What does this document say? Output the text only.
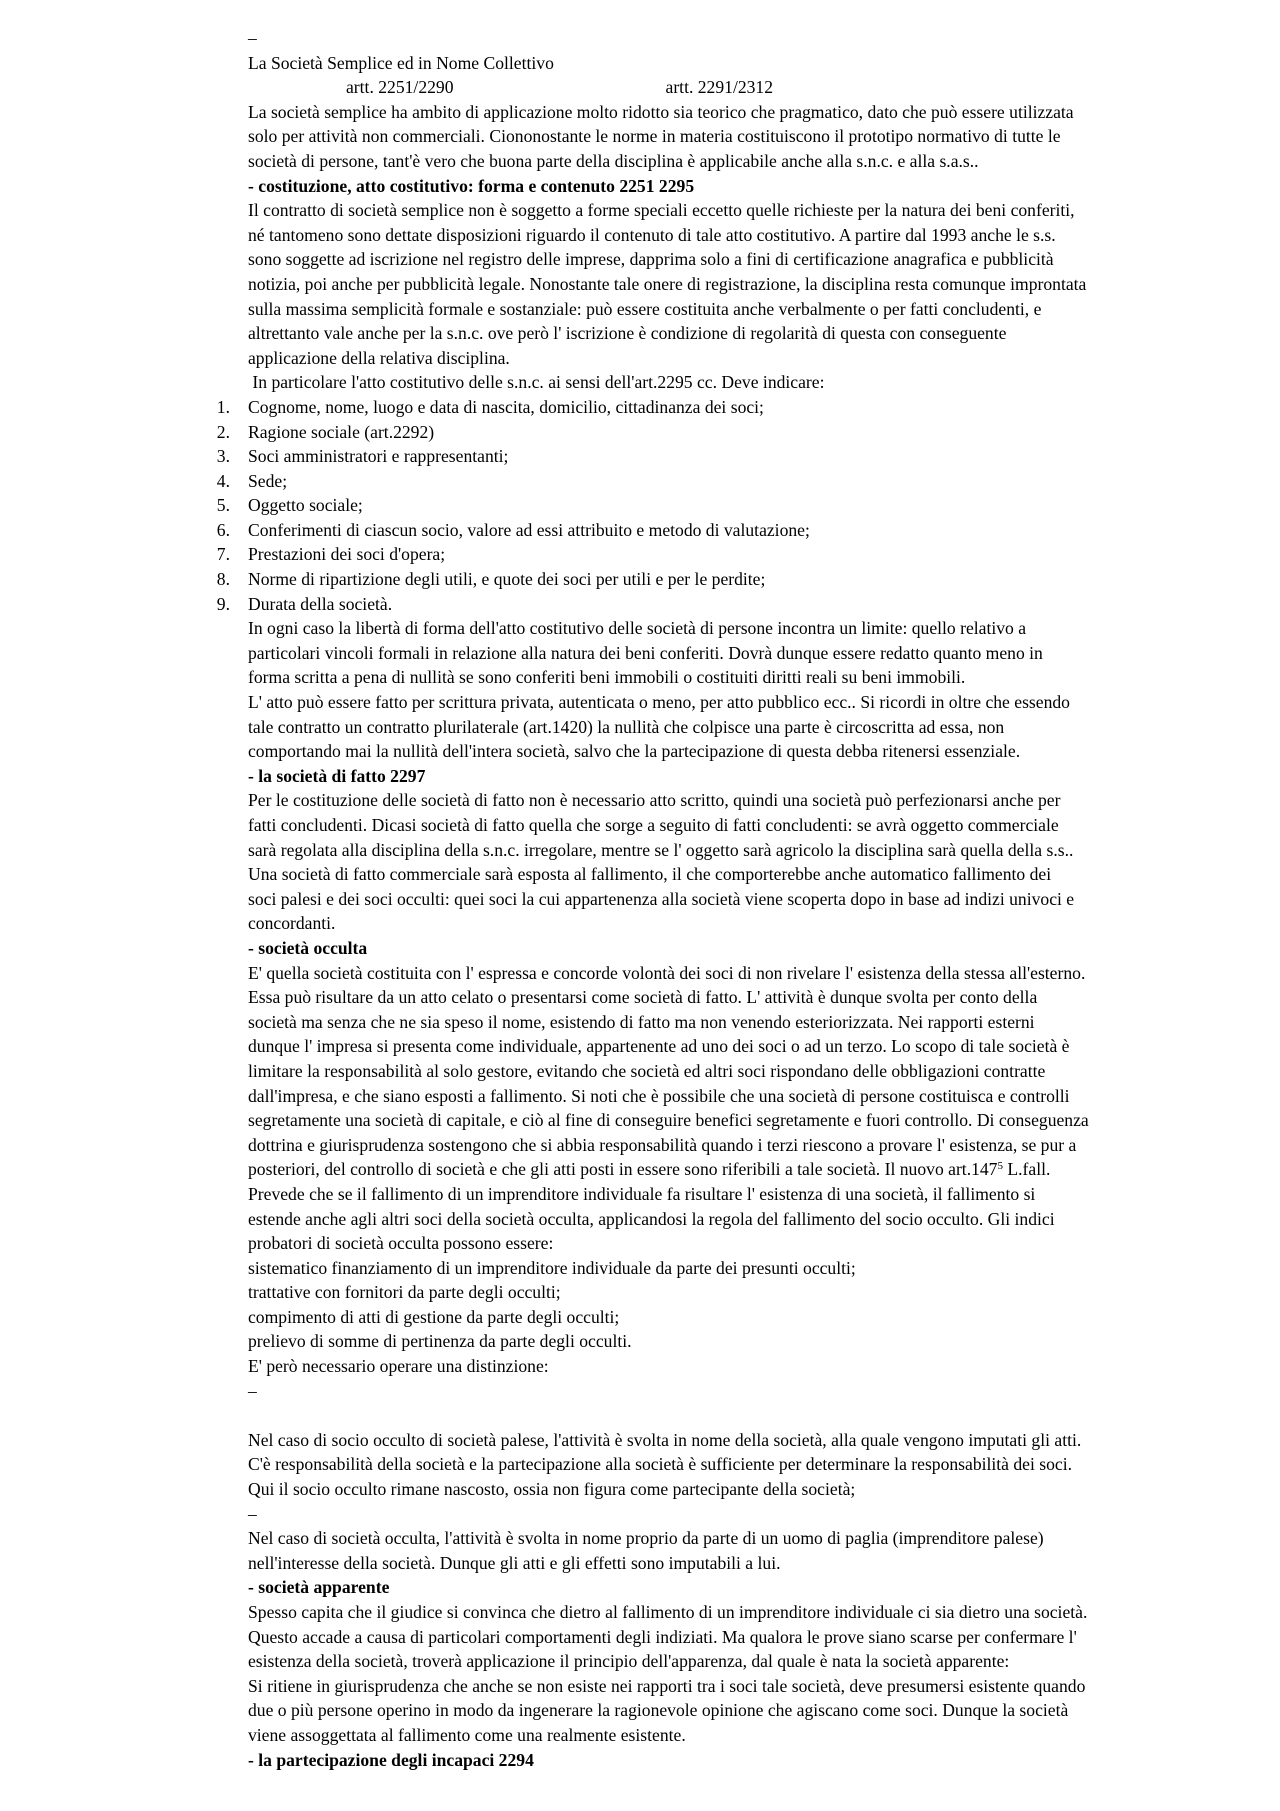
–
La Società Semplice ed in Nome Collettivo
artt. 2251/2290	artt. 2291/2312
La società semplice ha ambito di applicazione molto ridotto sia teorico che pragmatico, dato che può essere utilizzata
solo per attività non commerciali. Ciononostante le norme in materia costituiscono il prototipo normativo di tutte le
società di persone, tant'è vero che buona parte della disciplina è applicabile anche alla s.n.c. e alla s.a.s..
- costituzione, atto costitutivo: forma e contenuto 2251 2295
Il contratto di società semplice non è soggetto a forme speciali eccetto quelle richieste per la natura dei beni conferiti,
né tantomeno sono dettate disposizioni riguardo il contenuto di tale atto costitutivo. A partire dal 1993 anche le s.s.
sono soggette ad iscrizione nel registro delle imprese, dapprima solo a fini di certificazione anagrafica e pubblicità
notizia, poi anche per pubblicità legale. Nonostante tale onere di registrazione, la disciplina resta comunque improntata
sulla massima semplicità formale e sostanziale: può essere costituita anche verbalmente o per fatti concludenti, e
altrettanto vale anche per la s.n.c. ove però l' iscrizione è condizione di regolarità di questa con conseguente
applicazione della relativa disciplina.
In particolare l'atto costitutivo delle s.n.c. ai sensi dell'art.2295 cc. Deve indicare:
1. Cognome, nome, luogo e data di nascita, domicilio, cittadinanza dei soci;
2. Ragione sociale (art.2292)
3. Soci amministratori e rappresentanti;
4. Sede;
5. Oggetto sociale;
6. Conferimenti di ciascun socio, valore ad essi attribuito e metodo di valutazione;
7. Prestazioni dei soci d'opera;
8. Norme di ripartizione degli utili, e quote dei soci per utili e per le perdite;
9. Durata della società.
In ogni caso la libertà di forma dell'atto costitutivo delle società di persone incontra un limite: quello relativo a
particolari vincoli formali in relazione alla natura dei beni conferiti. Dovrà dunque essere redatto quanto meno in
forma scritta a pena di nullità se sono conferiti beni immobili o costituiti diritti reali su beni immobili.
L' atto può essere fatto per scrittura privata, autenticata o meno, per atto pubblico ecc.. Si ricordi in oltre che essendo
tale contratto un contratto plurilaterale (art.1420) la nullità che colpisce una parte è circoscritta ad essa, non
comportando mai la nullità dell'intera società, salvo che la partecipazione di questa debba ritenersi essenziale.
- la società di fatto 2297
Per le costituzione delle società di fatto non è necessario atto scritto, quindi una società può perfezionarsi anche per
fatti concludenti. Dicasi società di fatto quella che sorge a seguito di fatti concludenti: se avrà oggetto commerciale
sarà regolata alla disciplina della s.n.c. irregolare, mentre se l' oggetto sarà agricolo la disciplina sarà quella della s.s..
Una società di fatto commerciale sarà esposta al fallimento, il che comporterebbe anche automatico fallimento dei
soci palesi e dei soci occulti: quei soci la cui appartenenza alla società viene scoperta dopo in base ad indizi univoci e
concordanti.
- società occulta
E' quella società costituita con l' espressa e concorde volontà dei soci di non rivelare l' esistenza della stessa all'esterno.
Essa può risultare da un atto celato o presentarsi come società di fatto. L' attività è dunque svolta per conto della
società ma senza che ne sia speso il nome, esistendo di fatto ma non venendo esteriorizzata. Nei rapporti esterni
dunque l' impresa si presenta come individuale, appartenente ad uno dei soci o ad un terzo. Lo scopo di tale società è
limitare la responsabilità al solo gestore, evitando che società ed altri soci rispondano delle obbligazioni contratte
dall'impresa, e che siano esposti a fallimento. Si noti che è possibile che una società di persone costituisca e controlli
segretamente una società di capitale, e ciò al fine di conseguire benefici segretamente e fuori controllo. Di conseguenza
dottrina e giurisprudenza sostengono che si abbia responsabilità quando i terzi riescono a provare l' esistenza, se pur a
posteriori, del controllo di società e che gli atti posti in essere sono riferibili a tale società. Il nuovo art.147$^5$ L.fall.
Prevede che se il fallimento di un imprenditore individuale fa risultare l' esistenza di una società, il fallimento si
estende anche agli altri soci della società occulta, applicandosi la regola del fallimento del socio occulto. Gli indici
probatori di società occulta possono essere:
sistematico finanziamento di un imprenditore individuale da parte dei presunti occulti;
trattative con fornitori da parte degli occulti;
compimento di atti di gestione da parte degli occulti;
prelievo di somme di pertinenza da parte degli occulti.
E' però necessario operare una distinzione:
–
Nel caso di socio occulto di società palese, l'attività è svolta in nome della società, alla quale vengono imputati gli atti.
C'è responsabilità della società e la partecipazione alla società è sufficiente per determinare la responsabilità dei soci.
Qui il socio occulto rimane nascosto, ossia non figura come partecipante della società;
–
Nel caso di società occulta, l'attività è svolta in nome proprio da parte di un uomo di paglia (imprenditore palese)
nell'interesse della società. Dunque gli atti e gli effetti sono imputabili a lui.
- società apparente
Spesso capita che il giudice si convinca che dietro al fallimento di un imprenditore individuale ci sia dietro una società.
Questo accade a causa di particolari comportamenti degli indiziati. Ma qualora le prove siano scarse per confermare l'
esistenza della società, troverà applicazione il principio dell'apparenza, dal quale è nata la società apparente:
Si ritiene in giurisprudenza che anche se non esiste nei rapporti tra i soci tale società, deve presumersi esistente quando
due o più persone operino in modo da ingenerare la ragionevole opinione che agiscano come soci. Dunque la società
viene assoggettata al fallimento come una realmente esistente.
- la partecipazione degli incapaci 2294
